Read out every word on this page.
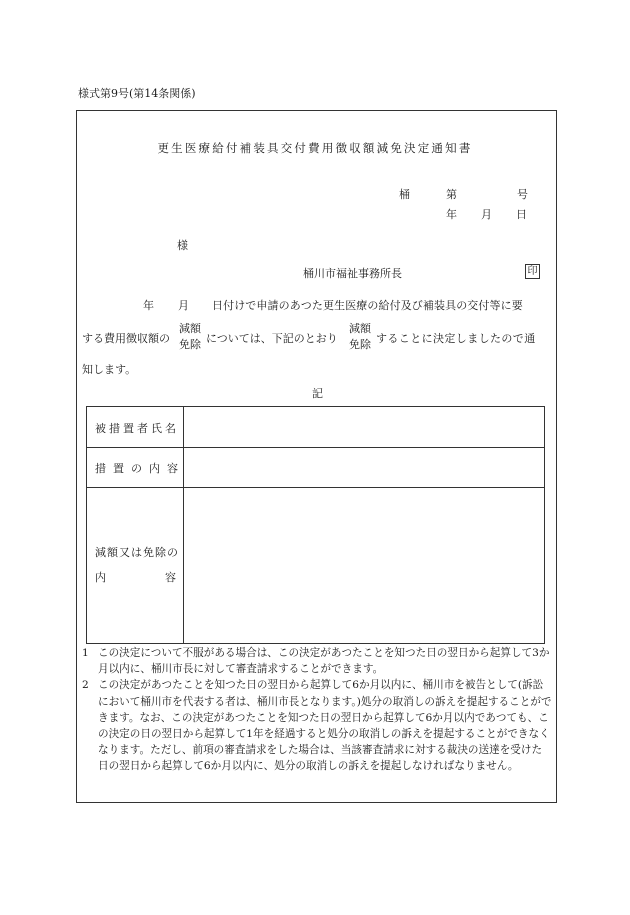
様式第9号(第14条関係)
更生医療給付補装具交付費用徴収額減免決定通知書
桶	第	号
年 月 日
様
桶川市福祉事務所長	印
年 月 日付けで申請のあつた更生医療の給付及び補装具の交付等に要
する費用徴収額の
減額
免除 については、下記のとおり
減額
免除 することに決定しましたので通
知します。
記
被措置者氏名
措置の内容
減額又は免除の
内	容
1 この決定について不服がある場合は、この決定があつたことを知つた日の翌日から起算して3か月以内に、桶川市長に対して審査請求することができます。
2 この決定があつたことを知つた日の翌日から起算して6か月以内に、桶川市を被告として(訴訟において桶川市を代表する者は、桶川市長となります。)処分の取消しの訴えを提起することができます。なお、この決定があつたことを知つた日の翌日から起算して6か月以内であつても、この決定の日の翌日から起算して1年を経過すると処分の取消しの訴えを提起することができなくなります。ただし、前項の審査請求をした場合は、当該審査請求に対する裁決の送達を受けた日の翌日から起算して6か月以内に、処分の取消しの訴えを提起しなければなりません。
